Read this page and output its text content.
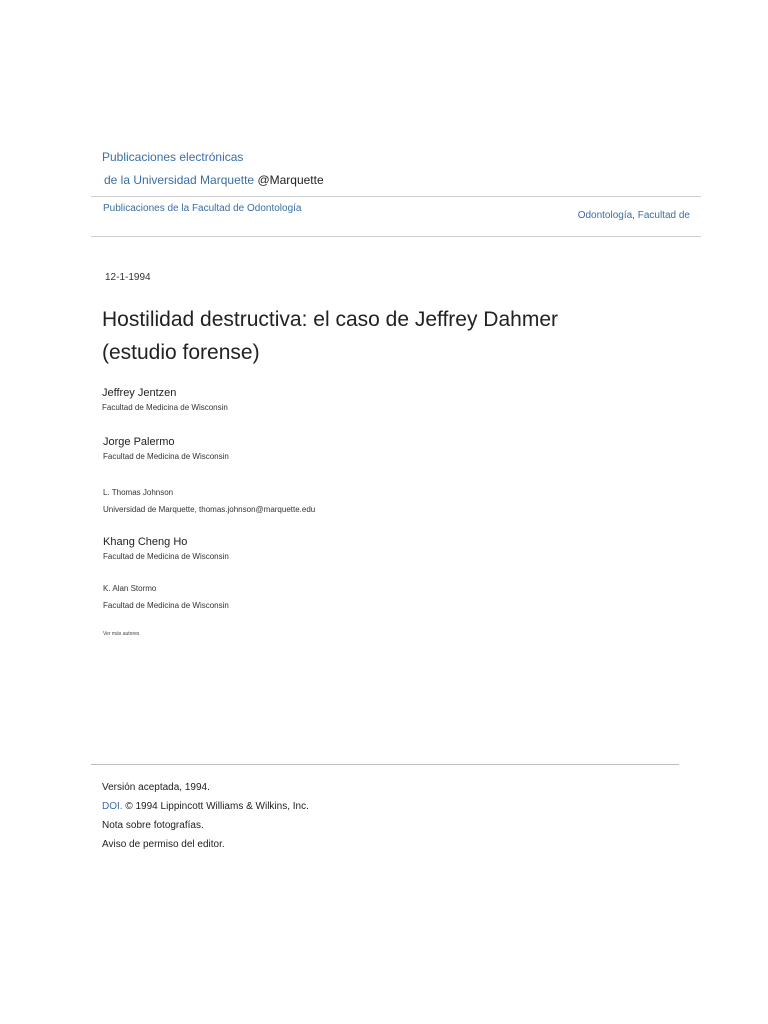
Publicaciones electrónicas
de la Universidad Marquette @Marquette
Publicaciones de la Facultad de Odontología
Odontología, Facultad de
12-1-1994
Hostilidad destructiva: el caso de Jeffrey Dahmer
(estudio forense)
Jeffrey Jentzen
Facultad de Medicina de Wisconsin
Jorge Palermo
Facultad de Medicina de Wisconsin
L. Thomas Johnson
Universidad de Marquette, thomas.johnson@marquette.edu
Khang Cheng Ho
Facultad de Medicina de Wisconsin
K. Alan Stormo
Facultad de Medicina de Wisconsin
Ver más autores

Versión aceptada, 1994.

DOI. © 1994 Lippincott Williams & Wilkins, Inc.

Nota sobre fotografías.

Aviso de permiso del editor.
